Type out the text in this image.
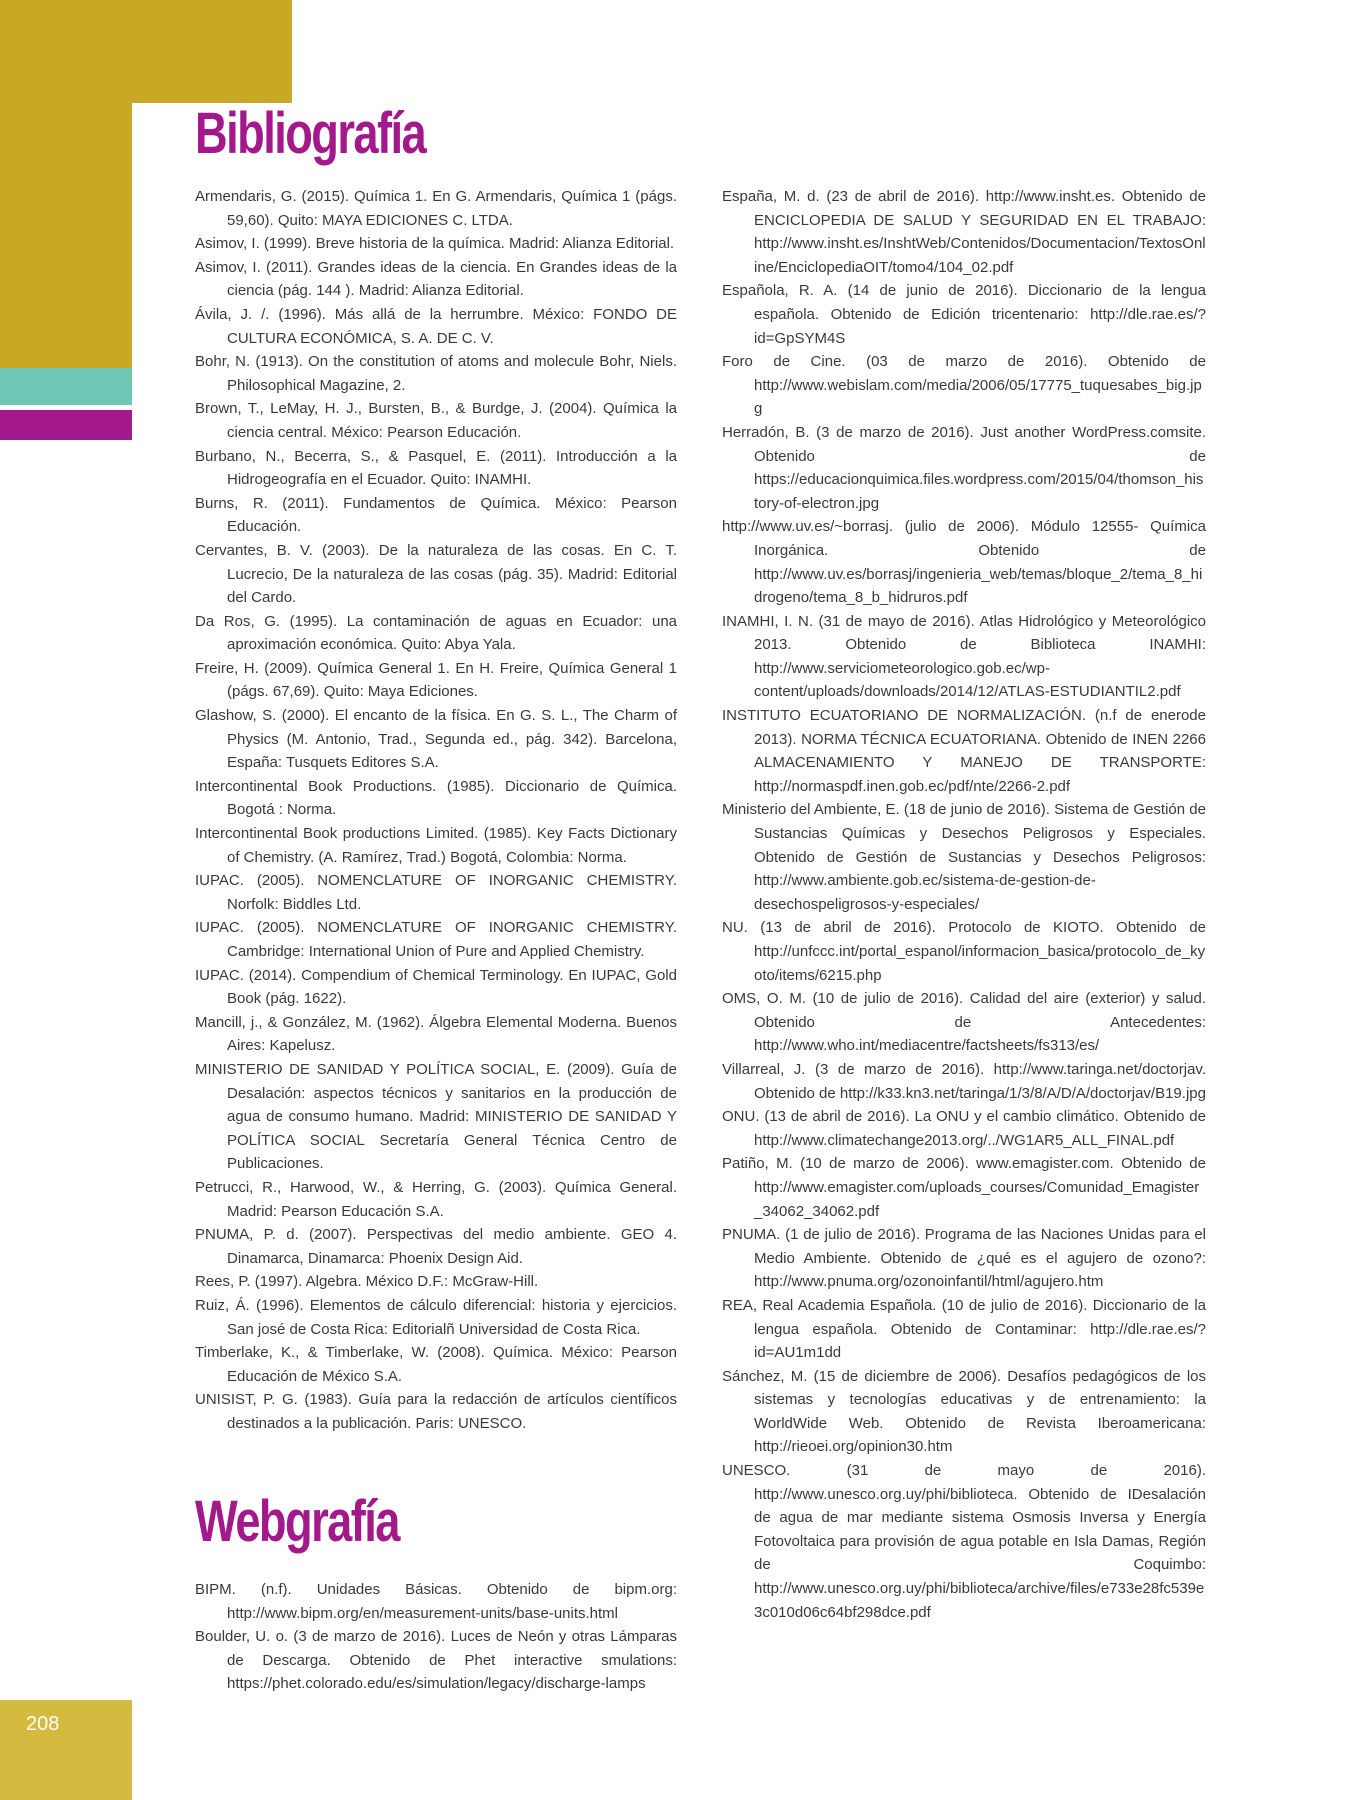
208
Bibliografía

Armendaris, G. (2015). Química 1. En G. Armendaris, Química 1 (págs. 59,60). Quito: MAYA EDICIONES C. LTDA.

Asimov, I. (1999). Breve historia de la química. Madrid: Alianza Editorial.

Asimov, I. (2011). Grandes ideas de la ciencia. En Grandes ideas de la ciencia (pág. 144 ). Madrid: Alianza Editorial.

Ávila, J. /. (1996). Más allá de la herrumbre. México: FONDO DE CULTURA ECONÓMICA, S. A. DE C. V.

Bohr, N. (1913). On the constitution of atoms and molecule Bohr, Niels. Philosophical Magazine, 2.

Brown, T., LeMay, H. J., Bursten, B., & Burdge, J. (2004). Química la ciencia central. México: Pearson Educación.

Burbano, N., Becerra, S., & Pasquel, E. (2011). Introducción a la Hidrogeografía en el Ecuador. Quito: INAMHI.

Burns, R. (2011). Fundamentos de Química. México: Pearson Educación.

Cervantes, B. V. (2003). De la naturaleza de las cosas. En C. T. Lucrecio, De la naturaleza de las cosas (pág. 35). Madrid: Editorial del Cardo.

Da Ros, G. (1995). La contaminación de aguas en Ecuador: una aproximación económica. Quito: Abya Yala.

Freire, H. (2009). Química General 1. En H. Freire, Química General 1 (págs. 67,69). Quito: Maya Ediciones.

Glashow, S. (2000). El encanto de la física. En G. S. L., The Charm of Physics (M. Antonio, Trad., Segunda ed., pág. 342). Barcelona, España: Tusquets Editores S.A.

Intercontinental Book Productions. (1985). Diccionario de Química. Bogotá : Norma.

Intercontinental Book productions Limited. (1985). Key Facts Dictionary of Chemistry. (A. Ramírez, Trad.) Bogotá, Colombia: Norma.

IUPAC. (2005). NOMENCLATURE OF INORGANIC CHEMISTRY. Norfolk: Biddles Ltd.

IUPAC. (2005). NOMENCLATURE OF INORGANIC CHEMISTRY. Cambridge: International Union of Pure and Applied Chemistry.

IUPAC. (2014). Compendium of Chemical Terminology. En IUPAC, Gold Book (pág. 1622).

Mancill, j., & González, M. (1962). Álgebra Elemental Moderna. Buenos Aires: Kapelusz.

MINISTERIO DE SANIDAD Y POLÍTICA SOCIAL, E. (2009). Guía de Desalación: aspectos técnicos y sanitarios en la producción de agua de consumo humano. Madrid: MINISTERIO DE SANIDAD Y POLÍTICA SOCIAL Secretaría General Técnica Centro de Publicaciones.

Petrucci, R., Harwood, W., & Herring, G. (2003). Química General. Madrid: Pearson Educación S.A.

PNUMA, P. d. (2007). Perspectivas del medio ambiente. GEO 4. Dinamarca, Dinamarca: Phoenix Design Aid.

Rees, P. (1997). Algebra. México D.F.: McGraw-Hill.

Ruiz, Á. (1996). Elementos de cálculo diferencial: historia y ejercicios. San josé de Costa Rica: Editorialñ Universidad de Costa Rica.

Timberlake, K., & Timberlake, W. (2008). Química. México: Pearson Educación de México S.A.

UNISIST, P. G. (1983). Guía para la redacción de artículos científicos destinados a la publicación. Paris: UNESCO.

Webgrafía

BIPM. (n.f). Unidades Básicas. Obtenido de bipm.org: http://www.bipm.org/en/measurement-units/base-units.html

Boulder, U. o. (3 de marzo de 2016). Luces de Neón y otras Lámparas de Descarga. Obtenido de Phet interactive smulations: https://phet.colorado.edu/es/simulation/legacy/discharge-lamps

España, M. d. (23 de abril de 2016). http://www.insht.es. Obtenido de ENCICLOPEDIA DE SALUD Y SEGURIDAD EN EL TRABAJO: http://www.insht.es/InshtWeb/Contenidos/Documentacion/TextosOnline/EnciclopediaOIT/tomo4/104_02.pdf

Española, R. A. (14 de junio de 2016). Diccionario de la lengua española. Obtenido de Edición tricentenario: http://dle.rae.es/?id=GpSYM4S

Foro de Cine. (03 de marzo de 2016). Obtenido de http://www.webislam.com/media/2006/05/17775_tuquesabes_big.jpg

Herradón, B. (3 de marzo de 2016). Just another WordPress.comsite. Obtenido de https://educacionquimica.files.wordpress.com/2015/04/thomson_history-of-electron.jpg

http://www.uv.es/~borrasj. (julio de 2006). Módulo 12555- Química Inorgánica. Obtenido de http://www.uv.es/borrasj/ingenieria_web/temas/bloque_2/tema_8_hidrogeno/tema_8_b_hidruros.pdf

INAMHI, I. N. (31 de mayo de 2016). Atlas Hidrológico y Meteorológico 2013. Obtenido de Biblioteca INAMHI: http://www.serviciometeorologico.gob.ec/wp-content/uploads/downloads/2014/12/ATLAS-ESTUDIANTIL2.pdf

INSTITUTO ECUATORIANO DE NORMALIZACIÓN. (n.f de enerode 2013). NORMA TÉCNICA ECUATORIANA. Obtenido de INEN 2266 ALMACENAMIENTO Y MANEJO DE TRANSPORTE: http://normaspdf.inen.gob.ec/pdf/nte/2266-2.pdf

Ministerio del Ambiente, E. (18 de junio de 2016). Sistema de Gestión de Sustancias Químicas y Desechos Peligrosos y Especiales. Obtenido de Gestión de Sustancias y Desechos Peligrosos: http://www.ambiente.gob.ec/sistema-de-gestion-de-desechospeligrosos-y-especiales/

NU. (13 de abril de 2016). Protocolo de KIOTO. Obtenido de http://unfccc.int/portal_espanol/informacion_basica/protocolo_de_kyoto/items/6215.php

OMS, O. M. (10 de julio de 2016). Calidad del aire (exterior) y salud. Obtenido de Antecedentes: http://www.who.int/mediacentre/factsheets/fs313/es/

Villarreal, J. (3 de marzo de 2016). http://www.taringa.net/doctorjav. Obtenido de http://k33.kn3.net/taringa/1/3/8/A/D/A/doctorjav/B19.jpg

ONU. (13 de abril de 2016). La ONU y el cambio climático. Obtenido de http://www.climatechange2013.org/../WG1AR5_ALL_FINAL.pdf

Patiño, M. (10 de marzo de 2006). www.emagister.com. Obtenido de http://www.emagister.com/uploads_courses/Comunidad_Emagister_34062_34062.pdf

PNUMA. (1 de julio de 2016). Programa de las Naciones Unidas para el Medio Ambiente. Obtenido de ¿qué es el agujero de ozono?: http://www.pnuma.org/ozonoinfantil/html/agujero.htm

REA, Real Academia Española. (10 de julio de 2016). Diccionario de la lengua española. Obtenido de Contaminar: http://dle.rae.es/?id=AU1m1dd

Sánchez, M. (15 de diciembre de 2006). Desafíos pedagógicos de los sistemas y tecnologías educativas y de entrenamiento: la WorldWide Web. Obtenido de Revista Iberoamericana: http://rieoei.org/opinion30.htm

UNESCO. (31 de mayo de 2016). http://www.unesco.org.uy/phi/biblioteca. Obtenido de IDesalación de agua de mar mediante sistema Osmosis Inversa y Energía Fotovoltaica para provisión de agua potable en Isla Damas, Región de Coquimbo: http://www.unesco.org.uy/phi/biblioteca/archive/files/e733e28fc539e3c010d06c64bf298dce.pdf
